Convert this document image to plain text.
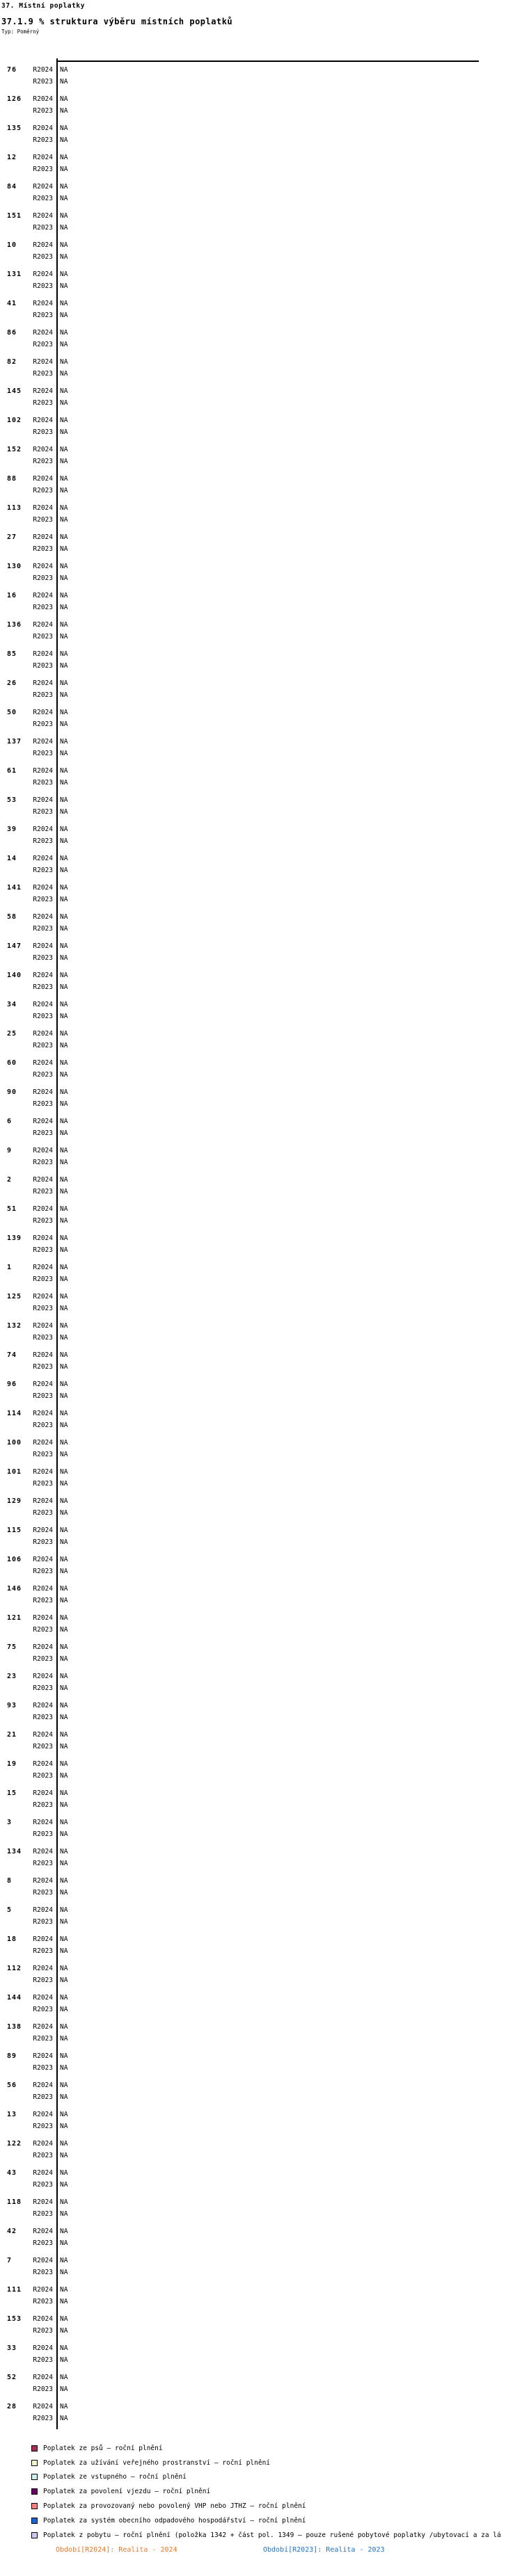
37. Místní poplatky
37.1.9 % struktura výběru místních poplatků
Typ: Poměrný
76	R2024 NA
R2023 NA
126	R2024 NA
R2023 NA
135	R2024 NA
R2023 NA
12	R2024 NA
R2023 NA
84	R2024 NA
R2023 NA
151	R2024 NA
R2023 NA
10	R2024 NA
R2023 NA
131	R2024 NA
R2023 NA
41	R2024 NA
R2023 NA
86	R2024 NA
R2023 NA
82	R2024 NA
R2023 NA
145	R2024 NA
R2023 NA
102	R2024 NA
R2023 NA
152	R2024 NA
R2023 NA
88	R2024 NA
R2023 NA
113	R2024 NA
R2023 NA
27	R2024 NA
R2023 NA
130	R2024 NA
R2023 NA
16	R2024 NA
R2023 NA
136	R2024 NA
R2023 NA
85	R2024 NA
R2023 NA
26	R2024 NA
R2023 NA
50	R2024 NA
R2023 NA
137	R2024 NA
R2023 NA
61	R2024 NA
R2023 NA
53	R2024 NA
R2023 NA
39	R2024 NA
R2023 NA
14	R2024 NA
R2023 NA
141	R2024 NA
R2023 NA
58	R2024 NA
R2023 NA
147	R2024 NA
R2023 NA
140	R2024 NA
R2023 NA
34	R2024 NA
R2023 NA
25	R2024 NA
R2023 NA
60	R2024 NA
R2023 NA
90	R2024 NA
R2023 NA
6	R2024 NA
R2023 NA
9	R2024 NA
R2023 NA
2	R2024 NA
R2023 NA
51	R2024 NA
R2023 NA
139	R2024 NA
R2023 NA
1	R2024 NA
R2023 NA
125	R2024 NA
R2023 NA
132	R2024 NA
R2023 NA
74	R2024 NA
R2023 NA
96	R2024 NA
R2023 NA
114	R2024 NA
R2023 NA
100	R2024 NA
R2023 NA
101	R2024 NA
R2023 NA
129	R2024 NA
R2023 NA
115	R2024 NA
R2023 NA
106	R2024 NA
R2023 NA
146	R2024 NA
R2023 NA
121	R2024 NA
R2023 NA
75	R2024 NA
R2023 NA
23	R2024 NA
R2023 NA
93	R2024 NA
R2023 NA
21	R2024 NA
R2023 NA
19	R2024 NA
R2023 NA
15	R2024 NA
R2023 NA
3	R2024 NA
R2023 NA
134	R2024 NA
R2023 NA
8	R2024 NA
R2023 NA
5	R2024 NA
R2023 NA
18	R2024 NA
R2023 NA
112	R2024 NA
R2023 NA
144	R2024 NA
R2023 NA
138	R2024 NA
R2023 NA
89	R2024 NA
R2023 NA
56	R2024 NA
R2023 NA
13	R2024 NA
R2023 NA
122	R2024 NA
R2023 NA
43	R2024 NA
R2023 NA
118	R2024 NA
R2023 NA
42	R2024 NA
R2023 NA
7	R2024 NA
R2023 NA
111	R2024 NA
R2023 NA
153	R2024 NA
R2023 NA
33	R2024 NA
R2023 NA
52	R2024 NA
R2023 NA
28	R2024 NA
R2023 NA
Poplatek ze psů – roční plnění
Poplatek za užívání veřejného prostranství – roční plnění
Poplatek ze vstupného – roční plnění
Poplatek za povolení vjezdu – roční plnění
Poplatek za provozovaný nebo povolený VHP nebo JTHZ – roční plnění
Poplatek za systém obecního odpadového hospodářství – roční plnění
Poplatek z pobytu – roční plnění (položka 1342 + část pol. 1349 – pouze rušené pobytové poplatky /ubytovací a za lá
Období[R2024]: Realita - 2024	Období[R2023]: Realita - 2023
